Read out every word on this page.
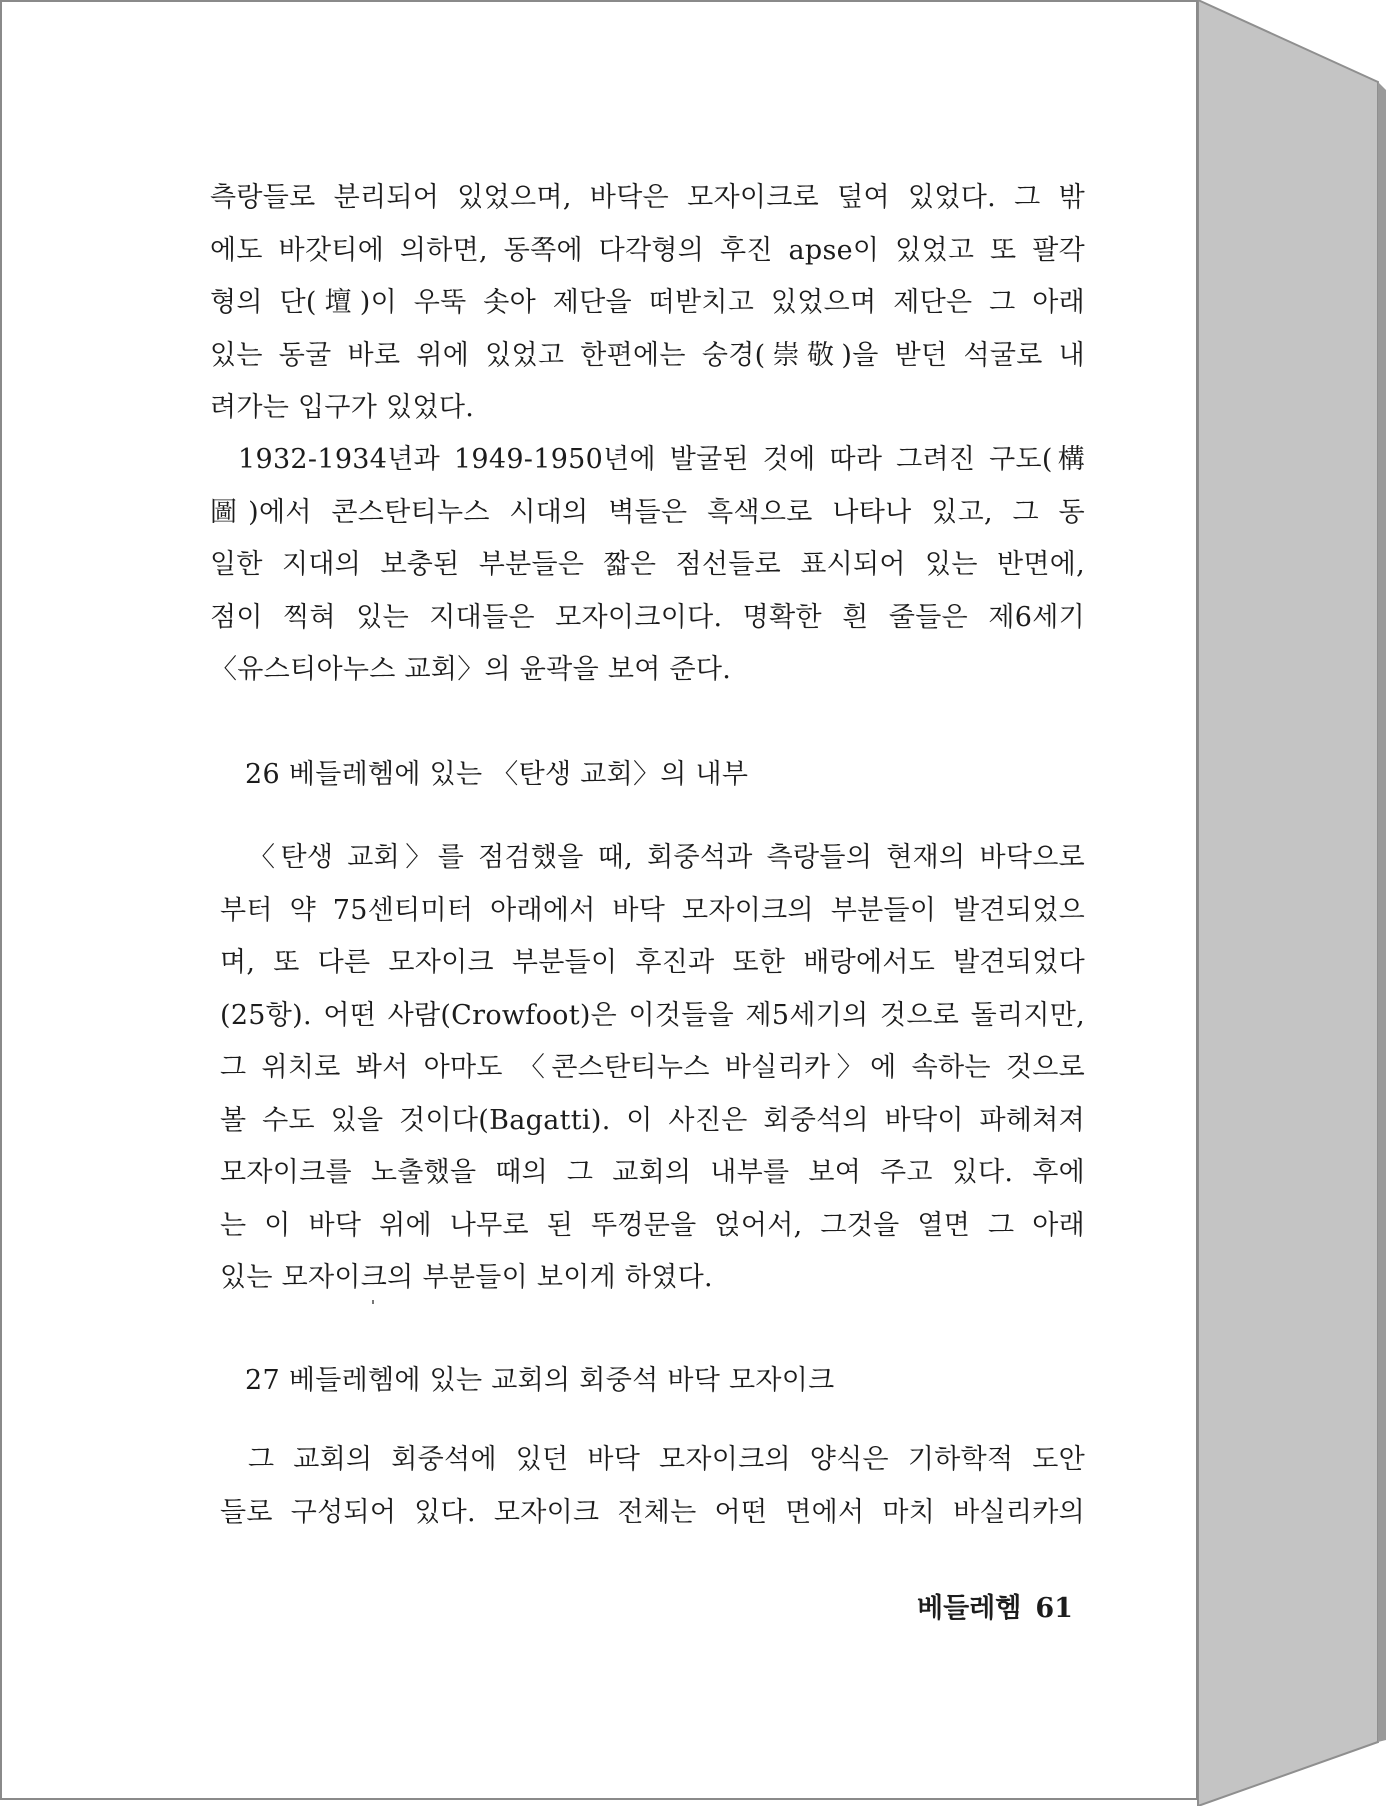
측랑들로 분리되어 있었으며, 바닥은 모자이크로 덮여 있었다. 그 밖
에도 바갓티에 의하면, 동쪽에 다각형의 후진 apse이 있었고 또 팔각
형의 단(壇)이 우뚝 솟아 제단을 떠받치고 있었으며 제단은 그 아래
있는 동굴 바로 위에 있었고 한편에는 숭경(崇敬)을 받던 석굴로 내
려가는 입구가 있었다.

1932-1934년과 1949-1950년에 발굴된 것에 따라 그려진 구도(構
圖)에서 콘스탄티누스 시대의 벽들은 흑색으로 나타나 있고, 그 동
일한 지대의 보충된 부분들은 짧은 점선들로 표시되어 있는 반면에,
점이 찍혀 있는 지대들은 모자이크이다. 명확한 흰 줄들은 제6세기
〈유스티아누스 교회〉의 윤곽을 보여 준다.

26 베들레헴에 있는 〈탄생 교회〉의 내부

〈탄생 교회〉를 점검했을 때, 회중석과 측랑들의 현재의 바닥으로
부터 약 75센티미터 아래에서 바닥 모자이크의 부분들이 발견되었으
며, 또 다른 모자이크 부분들이 후진과 또한 배랑에서도 발견되었다
(25항). 어떤 사람(Crowfoot)은 이것들을 제5세기의 것으로 돌리지만,
그 위치로 봐서 아마도 〈콘스탄티누스 바실리카〉에 속하는 것으로
볼 수도 있을 것이다(Bagatti). 이 사진은 회중석의 바닥이 파헤쳐져
모자이크를 노출했을 때의 그 교회의 내부를 보여 주고 있다. 후에
는 이 바닥 위에 나무로 된 뚜껑문을 얹어서, 그것을 열면 그 아래
있는 모자이크의 부분들이 보이게 하였다.

27 베들레헴에 있는 교회의 회중석 바닥 모자이크

그 교회의 회중석에 있던 바닥 모자이크의 양식은 기하학적 도안
들로 구성되어 있다. 모자이크 전체는 어떤 면에서 마치 바실리카의

베들레헴 61
